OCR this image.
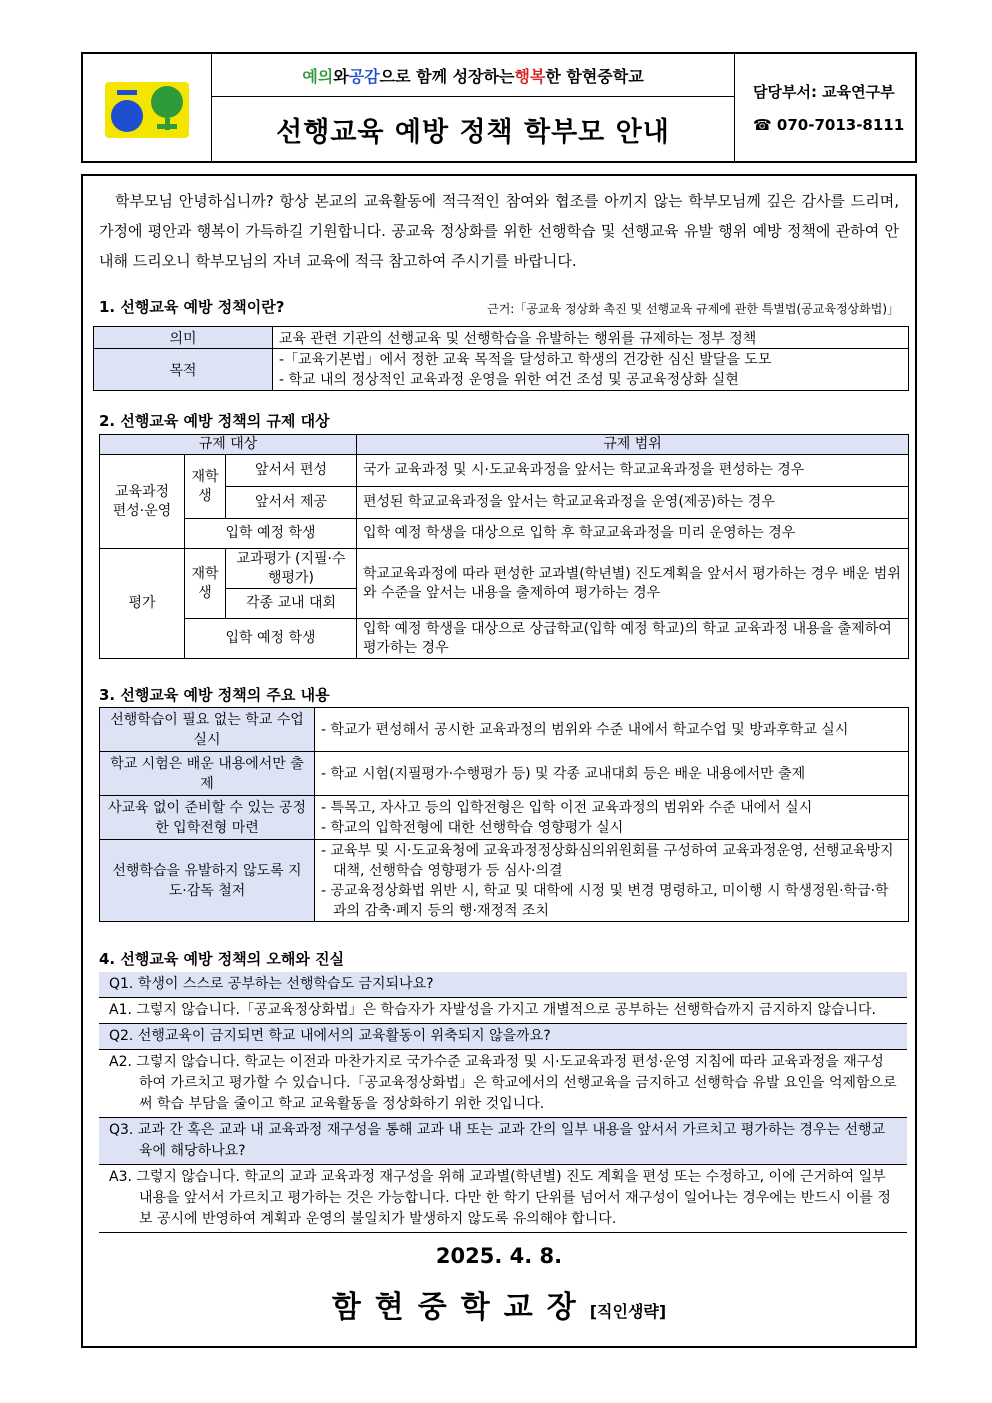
예의 와 공감 으로 함께 성장하는 행복 한 함현중학교
선행교육 예방 정책 학부모 안내
담당부서: 교육연구부
☎ 070-7013-8111
학부모님 안녕하십니까? 항상 본교의 교육활동에 적극적인 참여와 협조를 아끼지 않는 학부모님께 깊은 감사를 드리며, 가정에 평안과 행복이 가득하길 기원합니다. 공교육 정상화를 위한 선행학습 및 선행교육 유발 행위 예방 정책에 관하여 안내해 드리오니 학부모님의 자녀 교육에 적극 참고하여 주시기를 바랍니다.
1. 선행교육 예방 정책이란?	근거:「공교육 정상화 촉진 및 선행교육 규제에 관한 특별법(공교육정상화법)」
의미	교육 관련 기관의 선행교육 및 선행학습을 유발하는 행위를 규제하는 정부 정책
목적	-「교육기본법」에서 정한 교육 목적을 달성하고 학생의 건강한 심신 발달을 도모
- 학교 내의 정상적인 교육과정 운영을 위한 여건 조성 및 공교육정상화 실현
2. 선행교육 예방 정책의 규제 대상
규제 대상			규제 범위
교육과정 편성·운영	재학생	앞서서 편성	국가 교육과정 및 시·도교육과정을 앞서는 학교교육과정을 편성하는 경우
		앞서서 제공	편성된 학교교육과정을 앞서는 학교교육과정을 운영(제공)하는 경우
	입학 예정 학생		입학 예정 학생을 대상으로 입학 후 학교교육과정을 미리 운영하는 경우
평가	재학생	교과평가 (지필·수행평가)	학교교육과정에 따라 편성한 교과별(학년별) 진도계획을 앞서서 평가하는 경우 배운 범위와 수준을 앞서는 내용을 출제하여 평가하는 경우
		각종 교내 대회	
	입학 예정 학생		입학 예정 학생을 대상으로 상급학교(입학 예정 학교)의 학교 교육과정 내용을 출제하여 평가하는 경우
3. 선행교육 예방 정책의 주요 내용
선행학습이 필요 없는 학교 수업 실시	- 학교가 편성해서 공시한 교육과정의 범위와 수준 내에서 학교수업 및 방과후학교 실시
학교 시험은 배운 내용에서만 출제	- 학교 시험(지필평가·수행평가 등) 및 각종 교내대회 등은 배운 내용에서만 출제
사교육 없이 준비할 수 있는 공정한 입학전형 마련	- 특목고, 자사고 등의 입학전형은 입학 이전 교육과정의 범위와 수준 내에서 실시
- 학교의 입학전형에 대한 선행학습 영향평가 실시

선행학습을 유발하지 않도록 지도·감독 철저	- 교육부 및 시·도교육청에 교육과정정상화심의위원회를 구성하여 교육과정운영, 선행교육방지대책, 선행학습 영향평가 등 심사·의결
- 공교육정상화법 위반 시, 학교 및 대학에 시정 및 변경 명령하고, 미이행 시 학생정원·학급·학과의 감축·폐지 등의 행·재정적 조치
4. 선행교육 예방 정책의 오해와 진실
Q1. 학생이 스스로 공부하는 선행학습도 금지되나요?
A1. 그렇지 않습니다.「공교육정상화법」은 학습자가 자발성을 가지고 개별적으로 공부하는 선행학습까지 금지하지 않습니다.
Q2. 선행교육이 금지되면 학교 내에서의 교육활동이 위축되지 않을까요?
A2. 그렇지 않습니다. 학교는 이전과 마찬가지로 국가수준 교육과정 및 시·도교육과정 편성·운영 지침에 따라 교육과정을 재구성하여 가르치고 평가할 수 있습니다.「공교육정상화법」은 학교에서의 선행교육을 금지하고 선행학습 유발 요인을 억제함으로써 학습 부담을 줄이고 학교 교육활동을 정상화하기 위한 것입니다.
Q3. 교과 간 혹은 교과 내 교육과정 재구성을 통해 교과 내 또는 교과 간의 일부 내용을 앞서서 가르치고 평가하는 경우는 선행교육에 해당하나요?
A3. 그렇지 않습니다. 학교의 교과 교육과정 재구성을 위해 교과별(학년별) 진도 계획을 편성 또는 수정하고, 이에 근거하여 일부 내용을 앞서서 가르치고 평가하는 것은 가능합니다. 다만 한 학기 단위를 넘어서 재구성이 일어나는 경우에는 반드시 이를 정보 공시에 반영하여 계획과 운영의 불일치가 발생하지 않도록 유의해야 합니다.
2025. 4. 8.
함현중학교장[직인생략]
